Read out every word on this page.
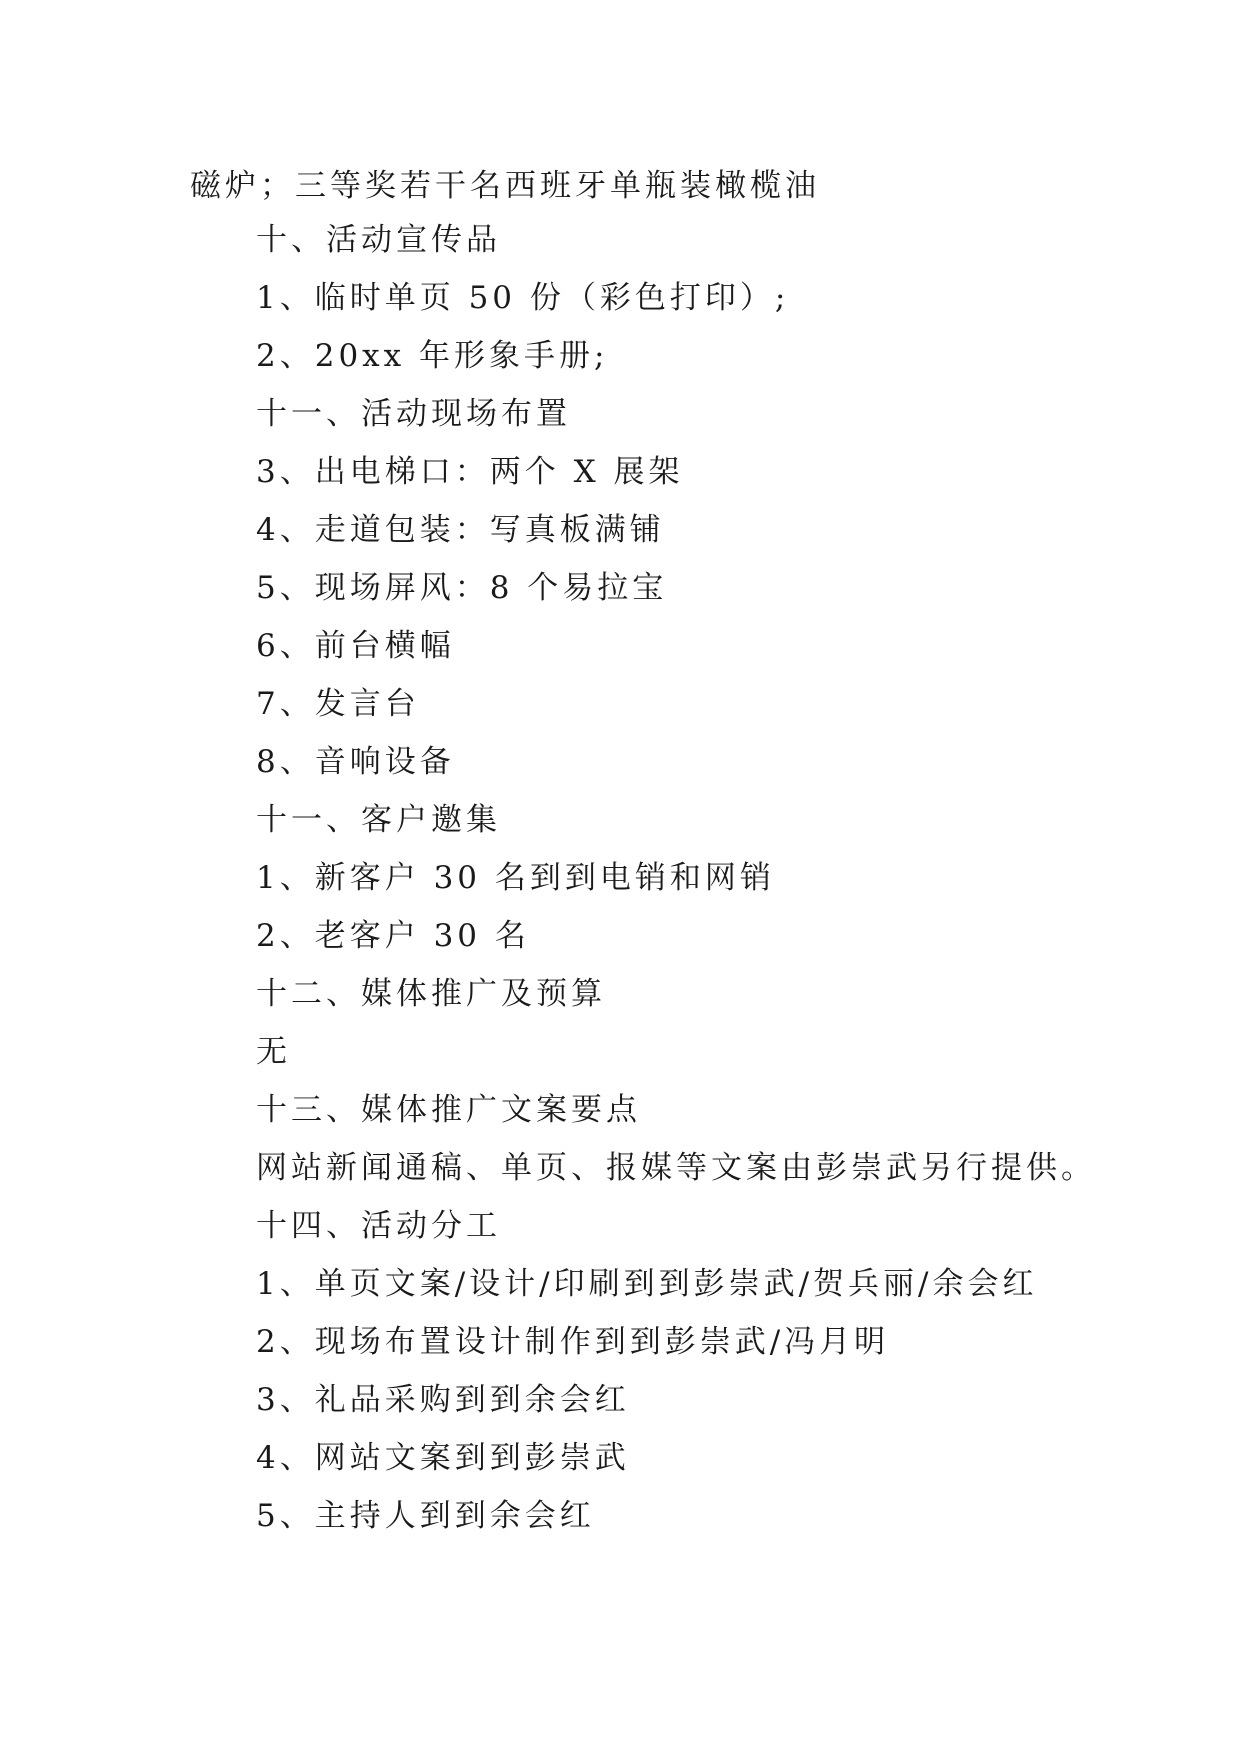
磁炉；三等奖若干名西班牙单瓶装橄榄油
十、活动宣传品
1、临时单页 50 份（彩色打印）;
2、20xx 年形象手册;
十一、活动现场布置
3、出电梯口：两个 X 展架
4、走道包装：写真板满铺
5、现场屏风：8 个易拉宝
6、前台横幅
7、发言台
8、音响设备
十一、客户邀集
1、新客户 30 名到到电销和网销
2、老客户 30 名
十二、媒体推广及预算
无
十三、媒体推广文案要点
网站新闻通稿、单页、报媒等文案由彭崇武另行提供。
十四、活动分工
1、单页文案/设计/印刷到到彭崇武/贺兵丽/余会红
2、现场布置设计制作到到彭崇武/冯月明
3、礼品采购到到余会红
4、网站文案到到彭崇武
5、主持人到到余会红
